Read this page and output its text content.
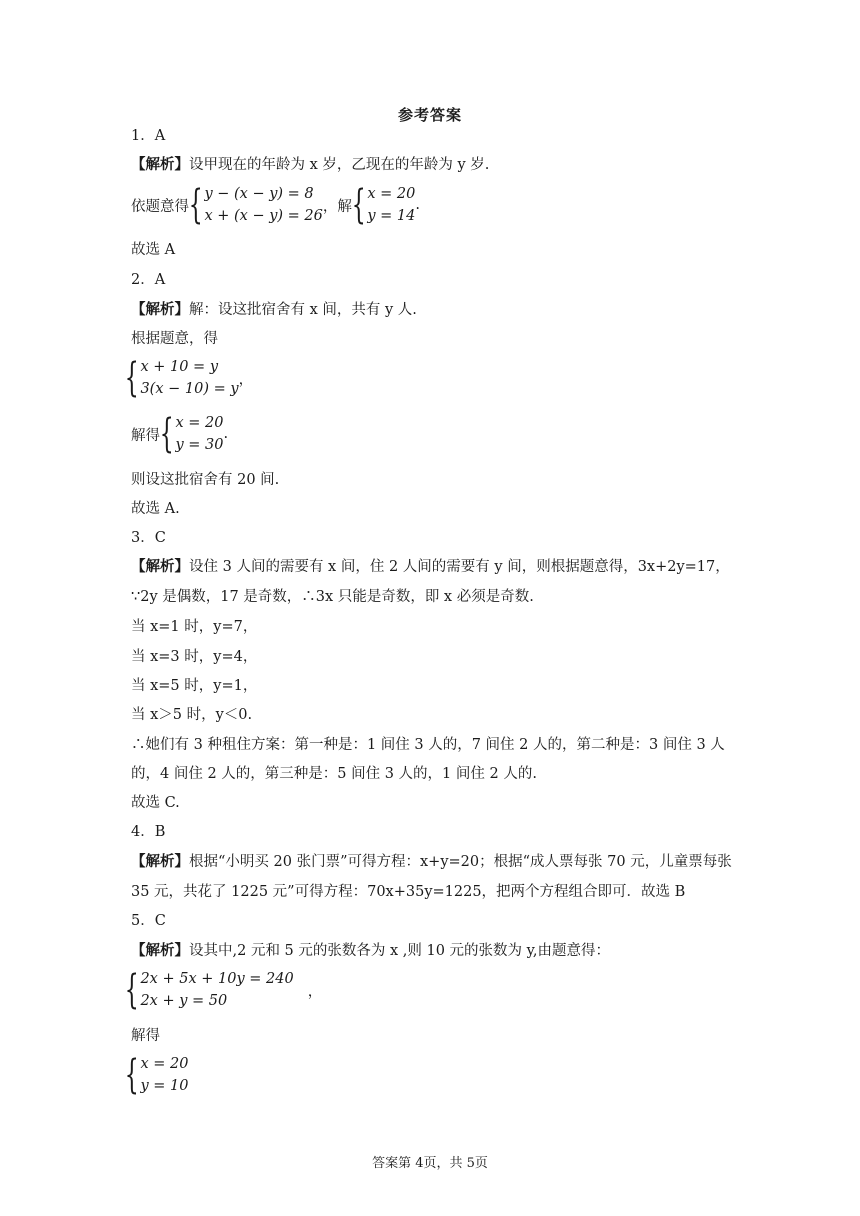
参考答案
1．A
【解析】设甲现在的年龄为 x 岁，乙现在的年龄为 y 岁.
依题意得 { y − (x − y) = 8
x + (x − y) = 26
，解 { x = 20
y = 14
.
故选 A
2．A
【解析】解：设这批宿舍有 x 间，共有 y 人.
根据题意，得
{ x + 10 = y
3(x − 10) = y
，
解得 { x = 20
y = 30
.
则设这批宿舍有 20 间.
故选 A.
3．C
【解析】设住 3 人间的需要有 x 间，住 2 人间的需要有 y 间，则根据题意得，3x+2y=17，
∵2y 是偶数，17 是奇数，∴3x 只能是奇数，即 x 必须是奇数.
当 x=1 时，y=7，
当 x=3 时，y=4，
当 x=5 时，y=1，
当 x＞5 时，y＜0.
∴她们有 3 种租住方案：第一种是：1 间住 3 人的，7 间住 2 人的，第二种是：3 间住 3 人
的，4 间住 2 人的，第三种是：5 间住 3 人的，1 间住 2 人的.
故选 C.
4．B
【解析】根据“小明买 20 张门票”可得方程：x+y=20；根据“成人票每张 70 元，儿童票每张
35 元，共花了 1225 元”可得方程：70x+35y=1225，把两个方程组合即可．故选 B
5．C
【解析】设其中,2 元和 5 元的张数各为 x ,则 10 元的张数为 y,由题意得：
{ 2x + 5x + 10y = 240
2x + y = 50
，
解得
{ x = 20
y = 10
答案第 4页，共 5页
